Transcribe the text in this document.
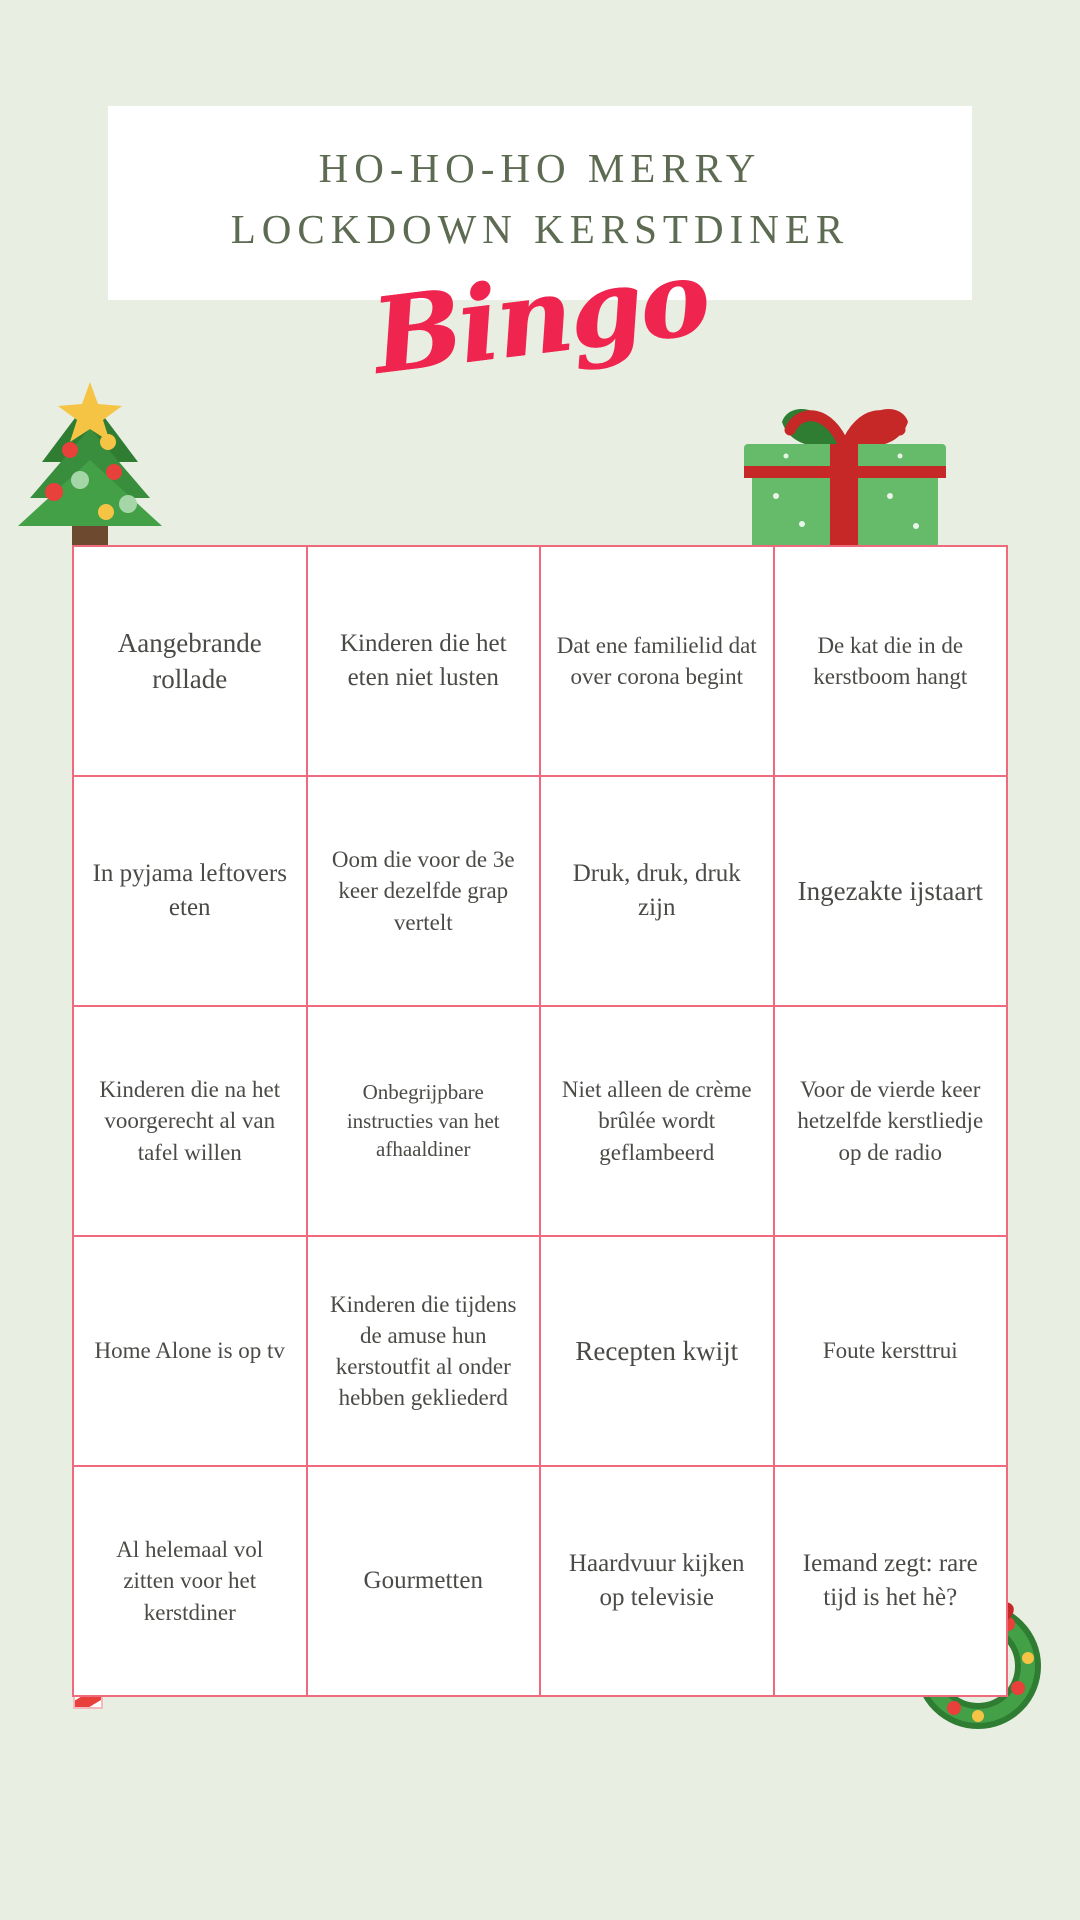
HO-HO-HO MERRY
LOCKDOWN KERSTDINER
Bingo
Aangebrande rollade
Kinderen die het eten niet lusten
Dat ene familielid dat over corona begint
De kat die in de kerstboom hangt
In pyjama leftovers eten
Oom die voor de 3e keer dezelfde grap vertelt
Druk, druk, druk zijn
Ingezakte ijstaart
Kinderen die na het voorgerecht al van tafel willen
Onbegrijpbare instructies van het afhaaldiner
Niet alleen de crème brûlée wordt geflambeerd
Voor de vierde keer hetzelfde kerstliedje op de radio
Home Alone is op tv
Kinderen die tijdens de amuse hun kerstoutfit al onder hebben gekliederd
Recepten kwijt	Foute kersttrui
Al helemaal vol zitten voor het kerstdiner
Gourmetten
Haardvuur kijken op televisie
Iemand zegt: rare tijd is het hè?
